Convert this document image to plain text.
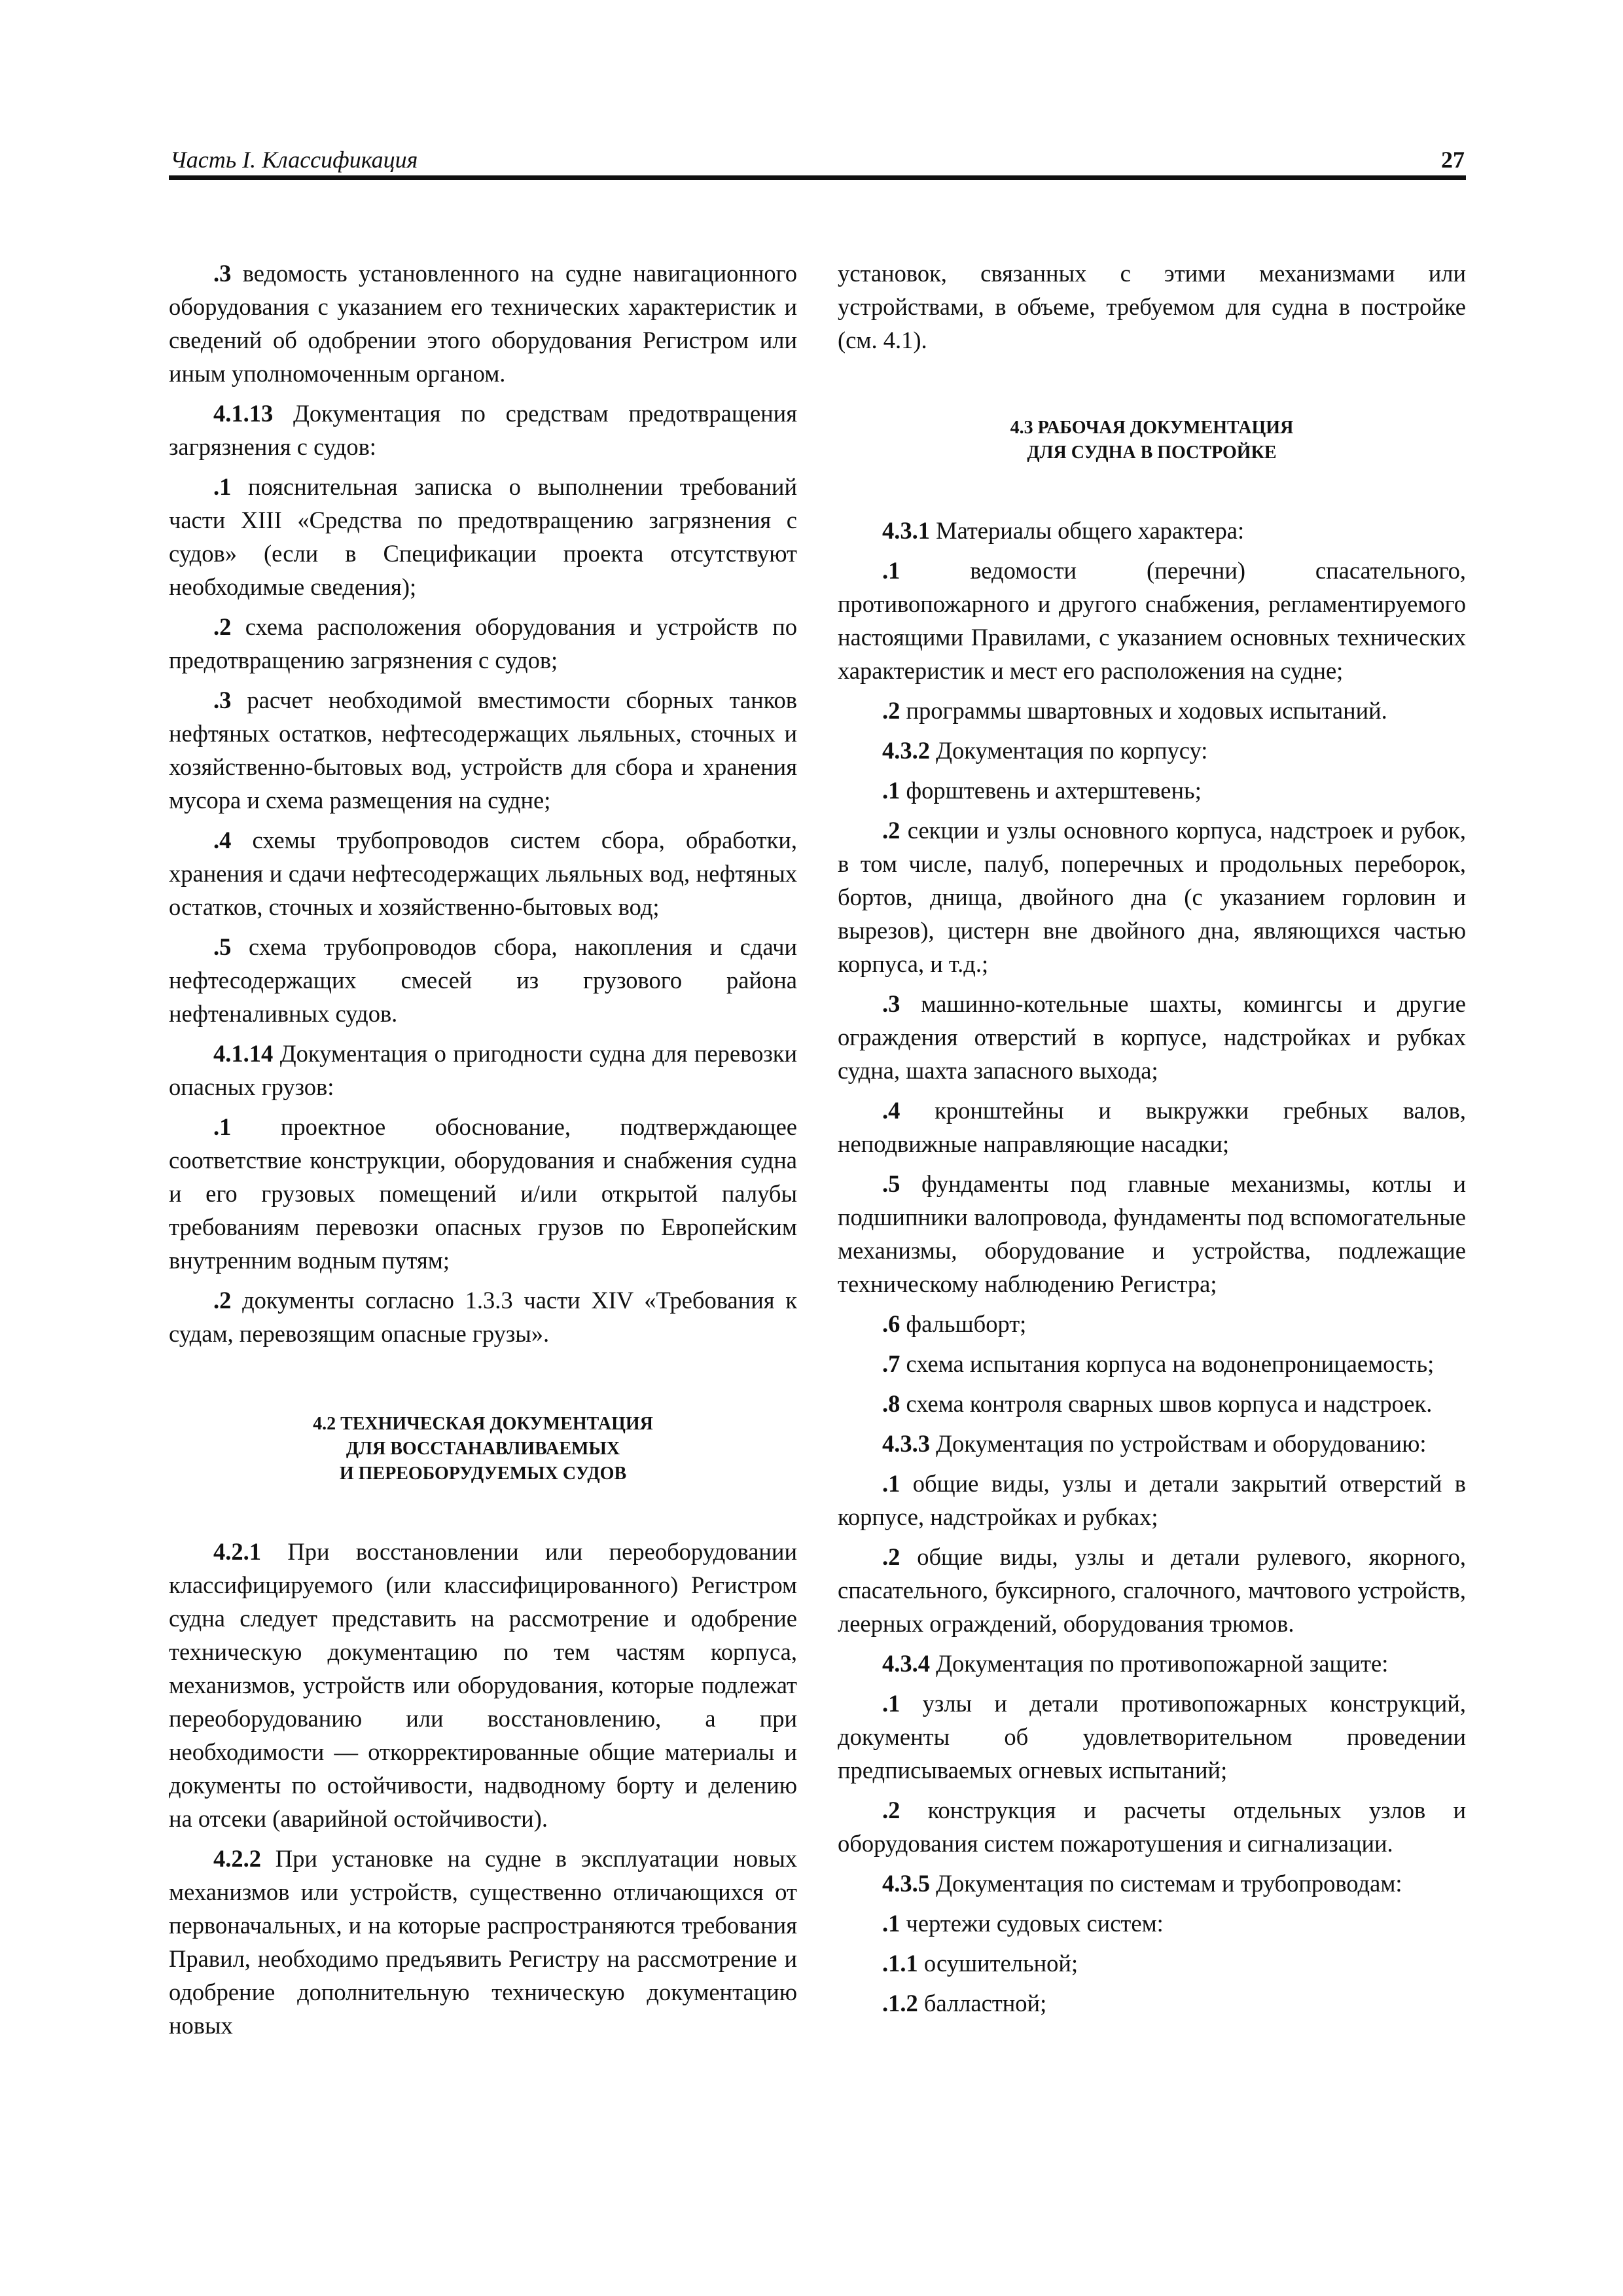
Часть I. Классификация	27

.3 ведомость установленного на судне навигационного оборудования с указанием его технических характеристик и сведений об одобрении этого оборудования Регистром или иным уполномоченным органом.

4.1.13 Документация по средствам предотвращения загрязнения с судов:

.1 пояснительная записка о выполнении требований части XIII «Средства по предотвращению загрязнения с судов» (если в Спецификации проекта отсутствуют необходимые сведения);

.2 схема расположения оборудования и устройств по предотвращению загрязнения с судов;

.3 расчет необходимой вместимости сборных танков нефтяных остатков, нефтесодержащих льяльных, сточных и хозяйственно-бытовых вод, устройств для сбора и хранения мусора и схема размещения на судне;

.4 схемы трубопроводов систем сбора, обработки, хранения и сдачи нефтесодержащих льяльных вод, нефтяных остатков, сточных и хозяйственно-бытовых вод;

.5 схема трубопроводов сбора, накопления и сдачи нефтесодержащих смесей из грузового района нефтеналивных судов.

4.1.14 Документация о пригодности судна для перевозки опасных грузов:

.1 проектное обоснование, подтверждающее соответствие конструкции, оборудования и снабжения судна и его грузовых помещений и/или открытой палубы требованиям перевозки опасных грузов по Европейским внутренним водным путям;

.2 документы согласно 1.3.3 части XIV «Требования к судам, перевозящим опасные грузы».

4.2 ТЕХНИЧЕСКАЯ ДОКУМЕНТАЦИЯ
ДЛЯ ВОССТАНАВЛИВАЕМЫХ
И ПЕРЕОБОРУДУЕМЫХ СУДОВ

4.2.1 При восстановлении или переоборудовании классифицируемого (или классифицированного) Регистром судна следует представить на рассмотрение и одобрение техническую документацию по тем частям корпуса, механизмов, устройств или оборудования, которые подлежат переоборудованию или восстановлению, а при необходимости — откорректированные общие материалы и документы по остойчивости, надводному борту и делению на отсеки (аварийной остойчивости).

4.2.2 При установке на судне в эксплуатации новых механизмов или устройств, существенно отличающихся от первоначальных, и на которые распространяются требования Правил, необходимо предъявить Регистру на рассмотрение и одобрение дополнительную техническую документацию новых

установок, связанных с этими механизмами или устройствами, в объеме, требуемом для судна в постройке (см. 4.1).

4.3 РАБОЧАЯ ДОКУМЕНТАЦИЯ
ДЛЯ СУДНА В ПОСТРОЙКЕ

4.3.1 Материалы общего характера:

.1 ведомости (перечни) спасательного, противопожарного и другого снабжения, регламентируемого настоящими Правилами, с указанием основных технических характеристик и мест его расположения на судне;

.2 программы швартовных и ходовых испытаний.

4.3.2 Документация по корпусу:

.1 форштевень и ахтерштевень;

.2 секции и узлы основного корпуса, надстроек и рубок, в том числе, палуб, поперечных и продольных переборок, бортов, днища, двойного дна (с указанием горловин и вырезов), цистерн вне двойного дна, являющихся частью корпуса, и т.д.;

.3 машинно-котельные шахты, комингсы и другие ограждения отверстий в корпусе, надстройках и рубках судна, шахта запасного выхода;

.4 кронштейны и выкружки гребных валов, неподвижные направляющие насадки;

.5 фундаменты под главные механизмы, котлы и подшипники валопровода, фундаменты под вспомогательные механизмы, оборудование и устройства, подлежащие техническому наблюдению Регистра;

.6 фальшборт;

.7 схема испытания корпуса на водонепроницаемость;

.8 схема контроля сварных швов корпуса и надстроек.

4.3.3 Документация по устройствам и оборудованию:

.1 общие виды, узлы и детали закрытий отверстий в корпусе, надстройках и рубках;

.2 общие виды, узлы и детали рулевого, якорного, спасательного, буксирного, сгалочного, мачтового устройств, леерных ограждений, оборудования трюмов.

4.3.4 Документация по противопожарной защите:

.1 узлы и детали противопожарных конструкций, документы об удовлетворительном проведении предписываемых огневых испытаний;

.2 конструкция и расчеты отдельных узлов и оборудования систем пожаротушения и сигнализации.

4.3.5 Документация по системам и трубопроводам:

.1 чертежи судовых систем:

.1.1 осушительной;

.1.2 балластной;
